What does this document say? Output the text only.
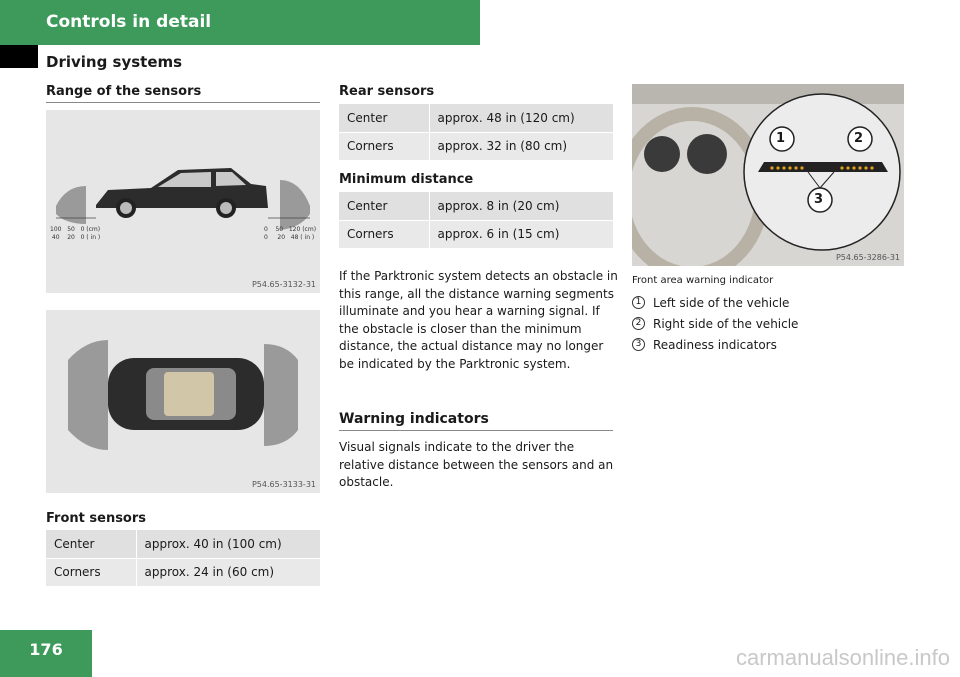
Controls in detail
Driving systems
Range of the sensors
100 50 0 (cm)
40 20 0 ( in )
0 50 120 (cm)
0 20 48 ( in )
P54.65-3132-31
P54.65-3133-31
Front sensors
Center	approx. 40 in (100 cm)
Corners	approx. 24 in (60 cm)
Rear sensors
Center	approx. 48 in (120 cm)
Corners	approx. 32 in (80 cm)
Minimum distance
Center	approx. 8 in (20 cm)
Corners	approx. 6 in (15 cm)
If the Parktronic system detects an obstacle in this range, all the distance warning segments illuminate and you hear a warning signal. If the obstacle is closer than the minimum distance, the actual distance may no longer be indicated by the Parktronic system.
Warning indicators
Visual signals indicate to the driver the relative distance between the sensors and an obstacle.
1	2
3
P54.65-3286-31
Front area warning indicator
1 Left side of the vehicle
2 Right side of the vehicle
3 Readiness indicators
176	carmanualsonline.info
